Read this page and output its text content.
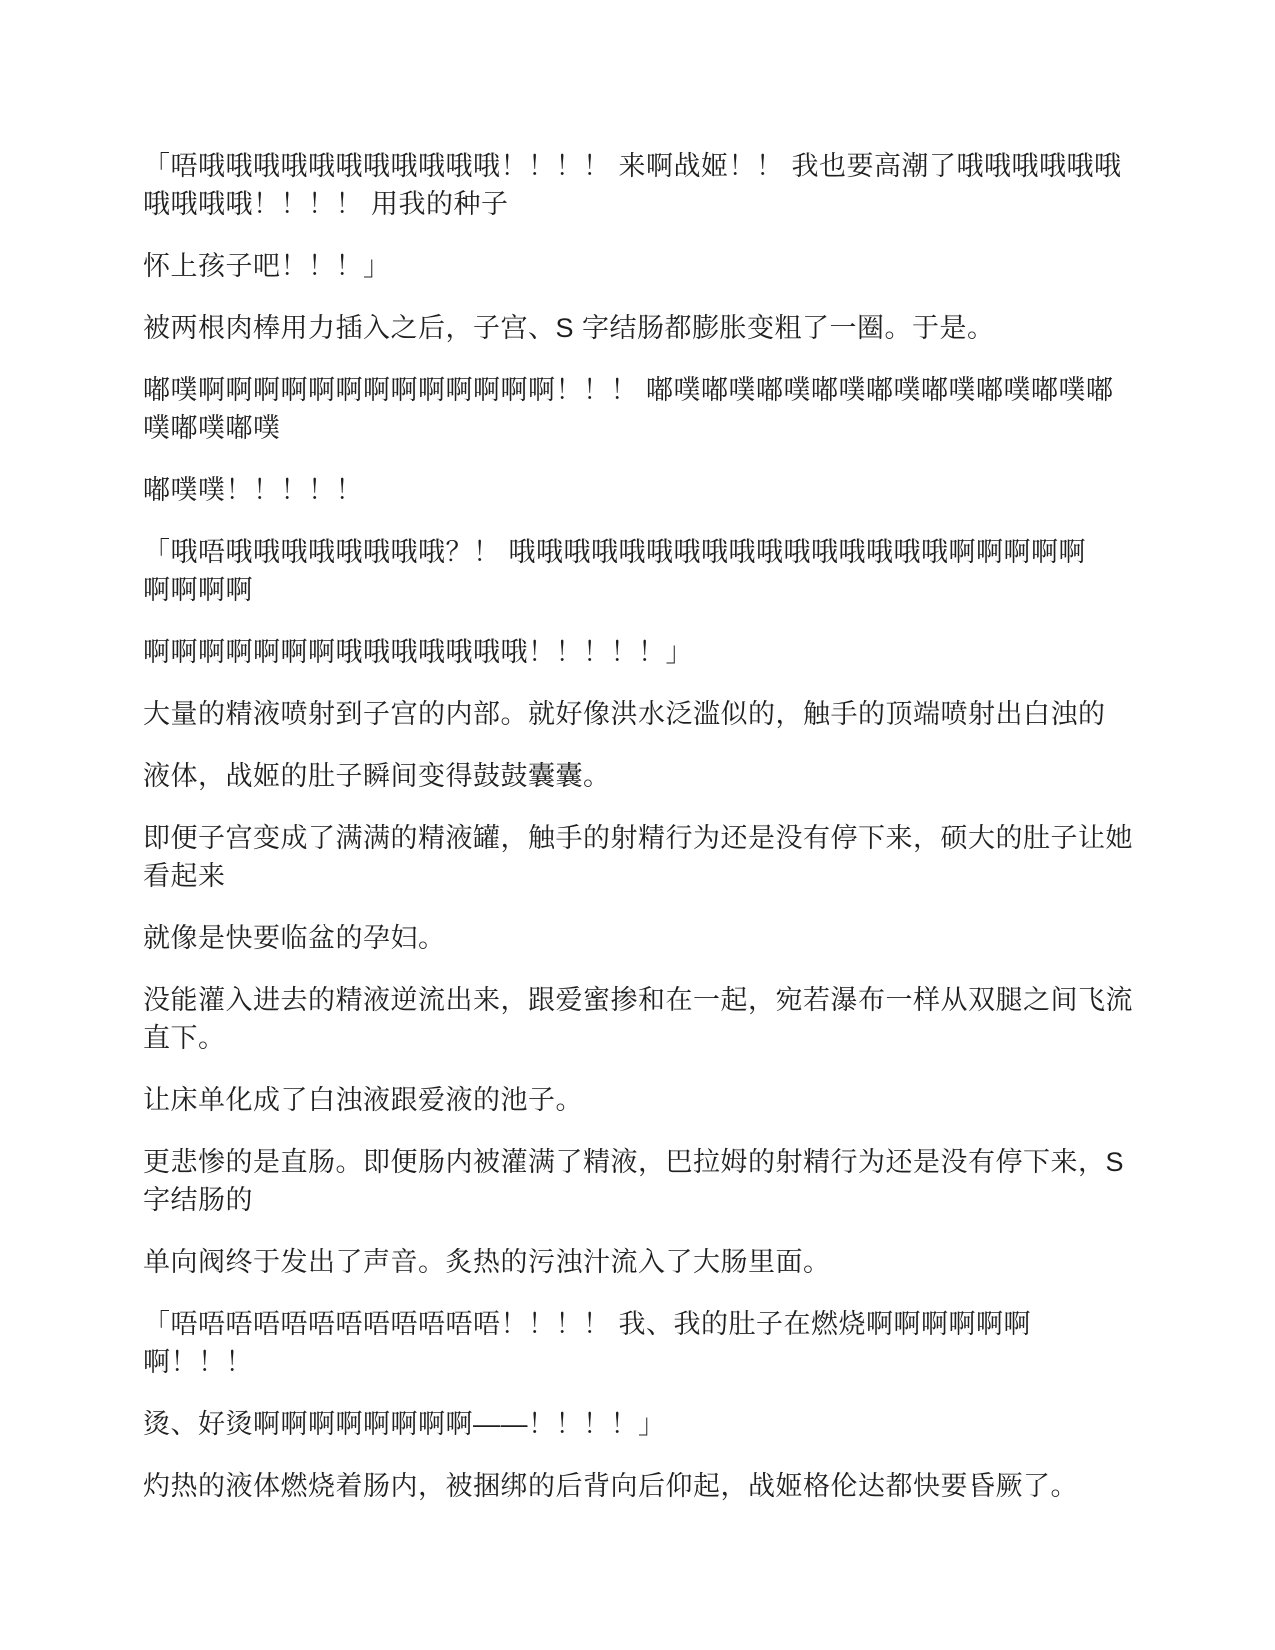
「唔哦哦哦哦哦哦哦哦哦哦哦！！！！ 来啊战姬！！ 我也要高潮了哦哦哦哦哦哦
哦哦哦哦！！！！ 用我的种子

怀上孩子吧！！！」

被两根肉棒用力插入之后，子宫、S 字结肠都膨胀变粗了一圈。于是。

嘟噗啊啊啊啊啊啊啊啊啊啊啊啊啊！！！ 嘟噗嘟噗嘟噗嘟噗嘟噗嘟噗嘟噗嘟噗嘟
噗嘟噗嘟噗

嘟噗噗！！！！！

「哦唔哦哦哦哦哦哦哦哦？！ 哦哦哦哦哦哦哦哦哦哦哦哦哦哦哦哦啊啊啊啊啊
啊啊啊啊

啊啊啊啊啊啊啊哦哦哦哦哦哦哦！！！！！」

大量的精液喷射到子宫的内部。就好像洪水泛滥似的，触手的顶端喷射出白浊的

液体，战姬的肚子瞬间变得鼓鼓囊囊。

即便子宫变成了满满的精液罐，触手的射精行为还是没有停下来，硕大的肚子让她
看起来

就像是快要临盆的孕妇。

没能灌入进去的精液逆流出来，跟爱蜜掺和在一起，宛若瀑布一样从双腿之间飞流
直下。

让床单化成了白浊液跟爱液的池子。

更悲惨的是直肠。即便肠内被灌满了精液，巴拉姆的射精行为还是没有停下来，S
字结肠的

单向阀终于发出了声音。炙热的污浊汁流入了大肠里面。

「唔唔唔唔唔唔唔唔唔唔唔唔！！！！ 我、我的肚子在燃烧啊啊啊啊啊啊
啊！！！

烫、好烫啊啊啊啊啊啊啊啊——！！！！」

灼热的液体燃烧着肠内，被捆绑的后背向后仰起，战姬格伦达都快要昏厥了。
